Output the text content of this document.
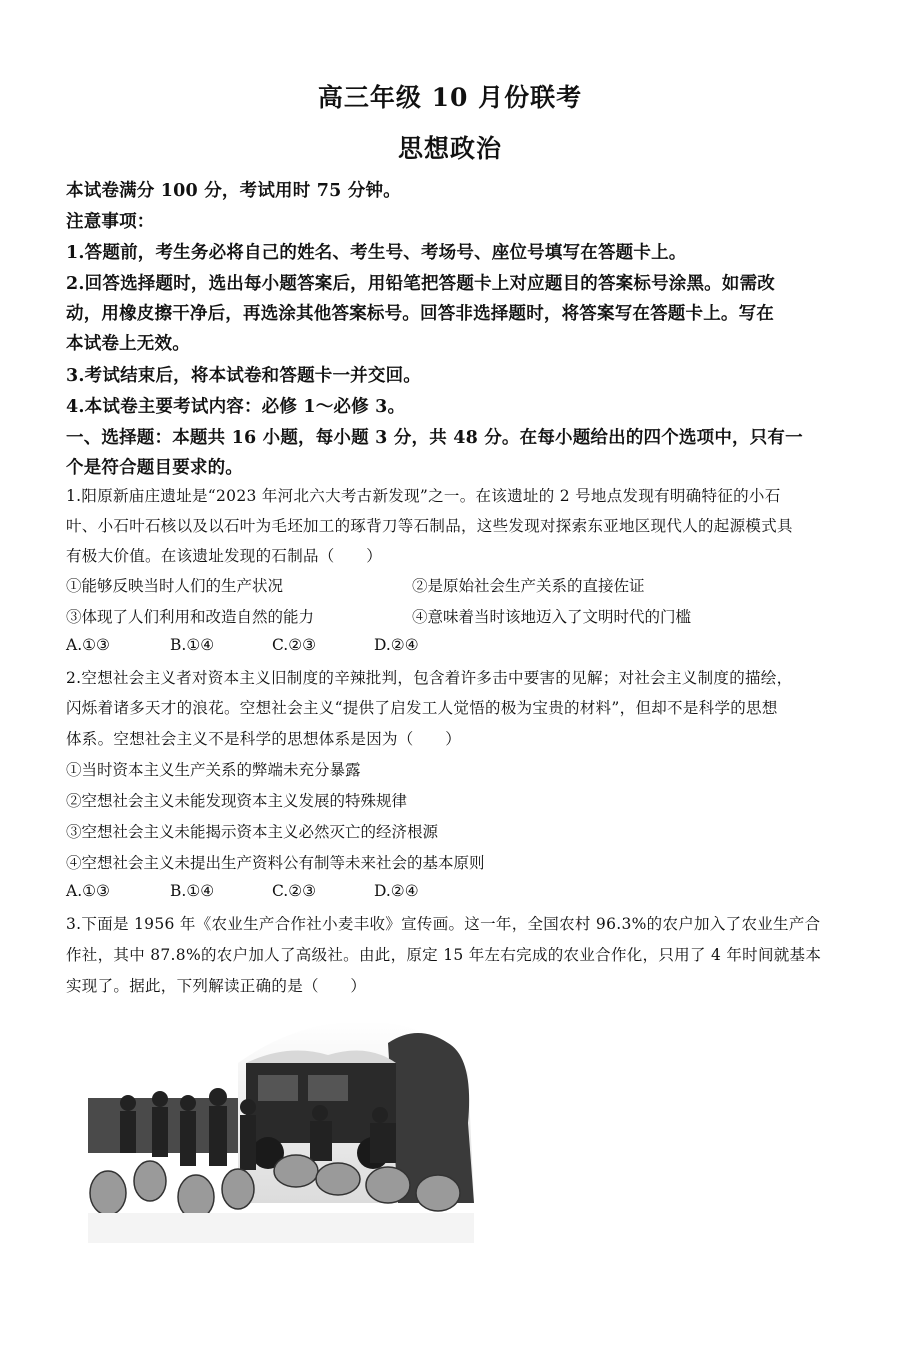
高三年级 10 月份联考
思想政治
本试卷满分 100 分，考试用时 75 分钟。
注意事项：
1.答题前，考生务必将自己的姓名、考生号、考场号、座位号填写在答题卡上。
2.回答选择题时，选出每小题答案后，用铅笔把答题卡上对应题目的答案标号涂黑。如需改
动，用橡皮擦干净后，再选涂其他答案标号。回答非选择题时，将答案写在答题卡上。写在
本试卷上无效。
3.考试结束后，将本试卷和答题卡一并交回。
4.本试卷主要考试内容：必修 1～必修 3。
一、选择题：本题共 16 小题，每小题 3 分，共 48 分。在每小题给出的四个选项中，只有一
个是符合题目要求的。
1.阳原新庙庄遗址是“2023 年河北六大考古新发现”之一。在该遗址的 2 号地点发现有明确特征的小石
叶、小石叶石核以及以石叶为毛坯加工的琢背刀等石制品，这些发现对探索东亚地区现代人的起源模式具
有极大价值。在该遗址发现的石制品（　　）
①能够反映当时人们的生产状况	②是原始社会生产关系的直接佐证
③体现了人们利用和改造自然的能力	④意味着当时该地迈入了文明时代的门槛
A.①③	B.①④	C.②③	D.②④
2.空想社会主义者对资本主义旧制度的辛辣批判，包含着许多击中要害的见解；对社会主义制度的描绘，
闪烁着诸多天才的浪花。空想社会主义“提供了启发工人觉悟的极为宝贵的材料”，但却不是科学的思想
体系。空想社会主义不是科学的思想体系是因为（　　）
①当时资本主义生产关系的弊端未充分暴露
②空想社会主义未能发现资本主义发展的特殊规律
③空想社会主义未能揭示资本主义必然灭亡的经济根源
④空想社会主义未提出生产资料公有制等未来社会的基本原则
A.①③	B.①④	C.②③	D.②④
3.下面是 1956 年《农业生产合作社小麦丰收》宣传画。这一年，全国农村 96.3%的农户加入了农业生产合
作社，其中 87.8%的农户加人了高级社。由此，原定 15 年左右完成的农业合作化，只用了 4 年时间就基本
实现了。据此，下列解读正确的是（　　）
